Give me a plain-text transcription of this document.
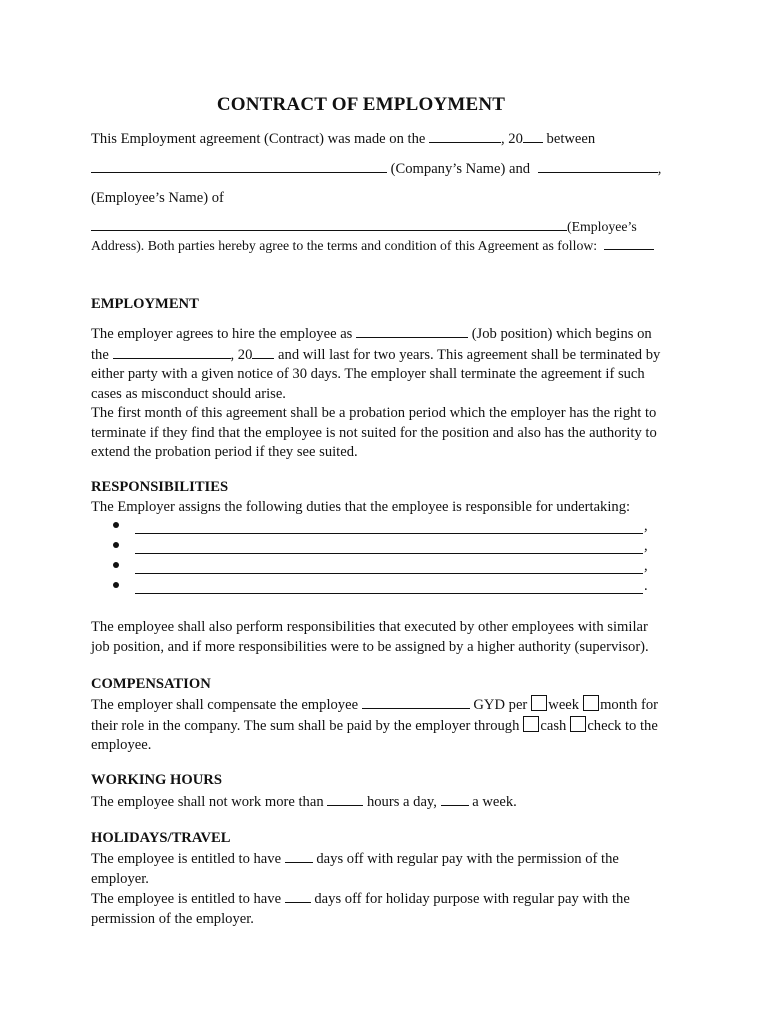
CONTRACT OF EMPLOYMENT
This Employment agreement (Contract) was made on the	, 20 between
(Company’s Name) and	,
(Employee’s Name) of
(Employee’s
Address). Both parties hereby agree to the terms and condition of this Agreement as follow:
EMPLOYMENT

The employer agrees to hire the employee as	(Job position) which begins on

the	, 20 and will last for two years. This agreement shall be terminated by

either party with a given notice of 30 days. The employer shall terminate the agreement if such

cases as misconduct should arise.

The first month of this agreement shall be a probation period which the employer has the right to

terminate if they find that the employee is not suited for the position and also has the authority to

extend the probation period if they see suited.

RESPONSIBILITIES
The Employer assigns the following duties that the employee is responsible for undertaking:
,
,
,
.

The employee shall also perform responsibilities that executed by other employees with similar

job position, and if more responsibilities were to be assigned by a higher authority (supervisor).

COMPENSATION

The employer shall compensate the employee	GYD per week month for

their role in the company. The sum shall be paid by the employer through cash check to the

employee.

WORKING HOURS
The employee shall not work more than	hours a day, a week.
HOLIDAYS/TRAVEL

The employee is entitled to have days off with regular pay with the permission of the

employer.

The employee is entitled to have days off for holiday purpose with regular pay with the

permission of the employer.
